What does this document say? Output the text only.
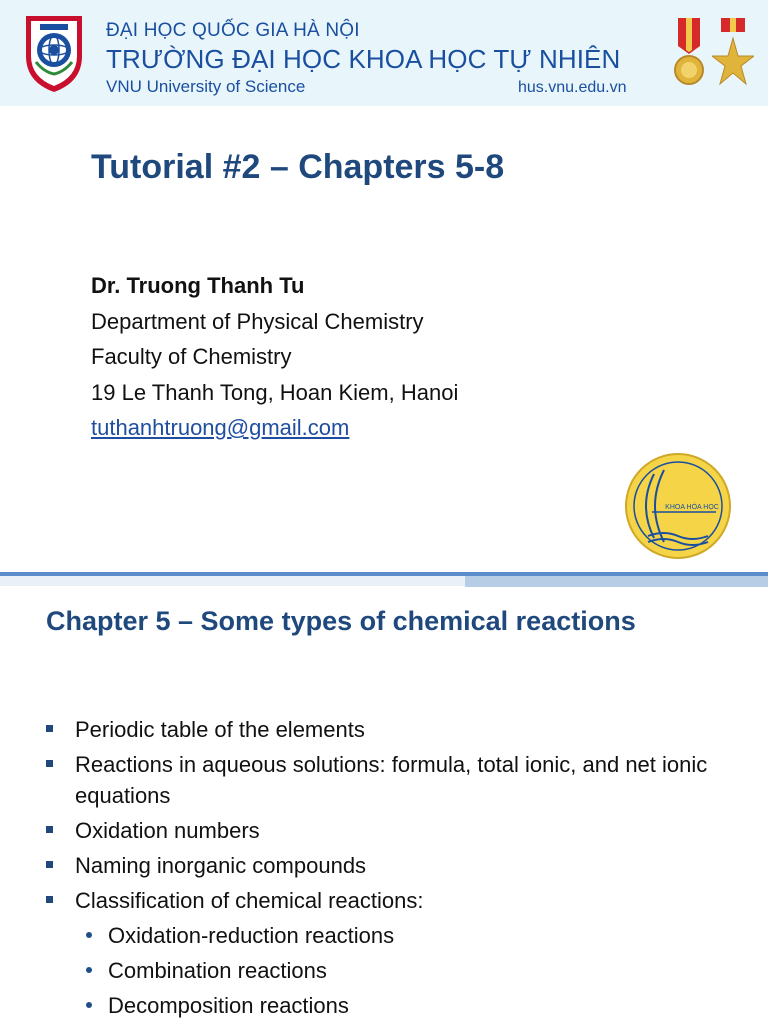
ĐẠI HỌC QUỐC GIA HÀ NỘI
TRƯỜNG ĐẠI HỌC KHOA HỌC TỰ NHIÊN
VNU University of Science	hus.vnu.edu.vn
Tutorial #2 – Chapters 5-8
Dr. Truong Thanh Tu
Department of Physical Chemistry
Faculty of Chemistry
19 Le Thanh Tong, Hoan Kiem, Hanoi
tuthanhtruong@gmail.com
KHOA HÓA HỌC
Chapter 5 – Some types of chemical reactions
Periodic table of the elements
Reactions in aqueous solutions: formula, total ionic, and net ionic equations
Oxidation numbers
Naming inorganic compounds
Classification of chemical reactions:
Oxidation-reduction reactions
Combination reactions
Decomposition reactions
